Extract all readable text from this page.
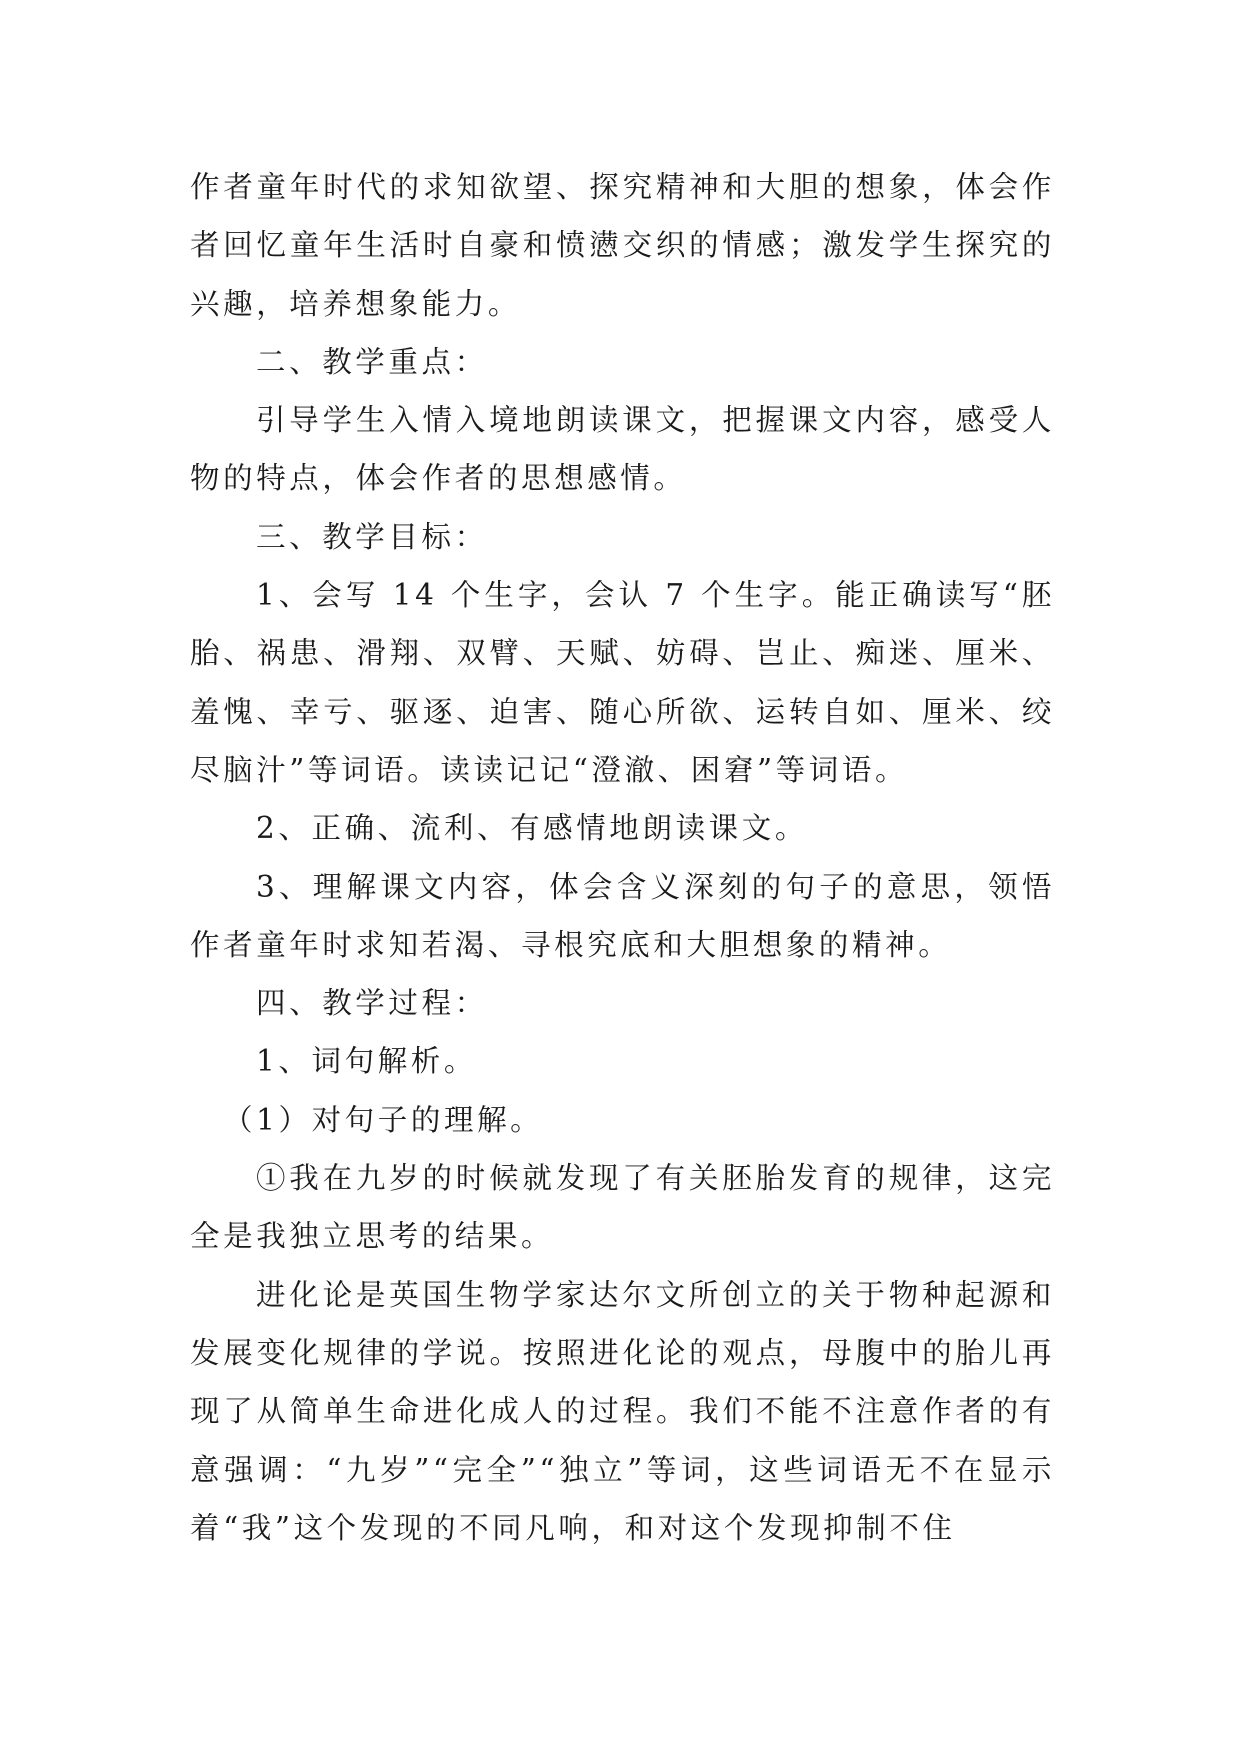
作者童年时代的求知欲望、探究精神和大胆的想象，体会作者回忆童年生活时自豪和愤懑交织的情感；激发学生探究的兴趣，培养想象能力。

二、教学重点：

引导学生入情入境地朗读课文，把握课文内容，感受人物的特点，体会作者的思想感情。

三、教学目标：

1、会写 14 个生字，会认 7 个生字。能正确读写“胚胎、祸患、滑翔、双臂、天赋、妨碍、岂止、痴迷、厘米、羞愧、幸亏、驱逐、迫害、随心所欲、运转自如、厘米、绞尽脑汁”等词语。读读记记“澄澈、困窘”等词语。

2、正确、流利、有感情地朗读课文。

3、理解课文内容，体会含义深刻的句子的意思，领悟作者童年时求知若渴、寻根究底和大胆想象的精神。

四、教学过程：

1、词句解析。

（1）对句子的理解。

①我在九岁的时候就发现了有关胚胎发育的规律，这完全是我独立思考的结果。

进化论是英国生物学家达尔文所创立的关于物种起源和发展变化规律的学说。按照进化论的观点，母腹中的胎儿再现了从简单生命进化成人的过程。我们不能不注意作者的有意强调：“九岁”“完全”“独立”等词，这些词语无不在显示着“我”这个发现的不同凡响，和对这个发现抑制不住
